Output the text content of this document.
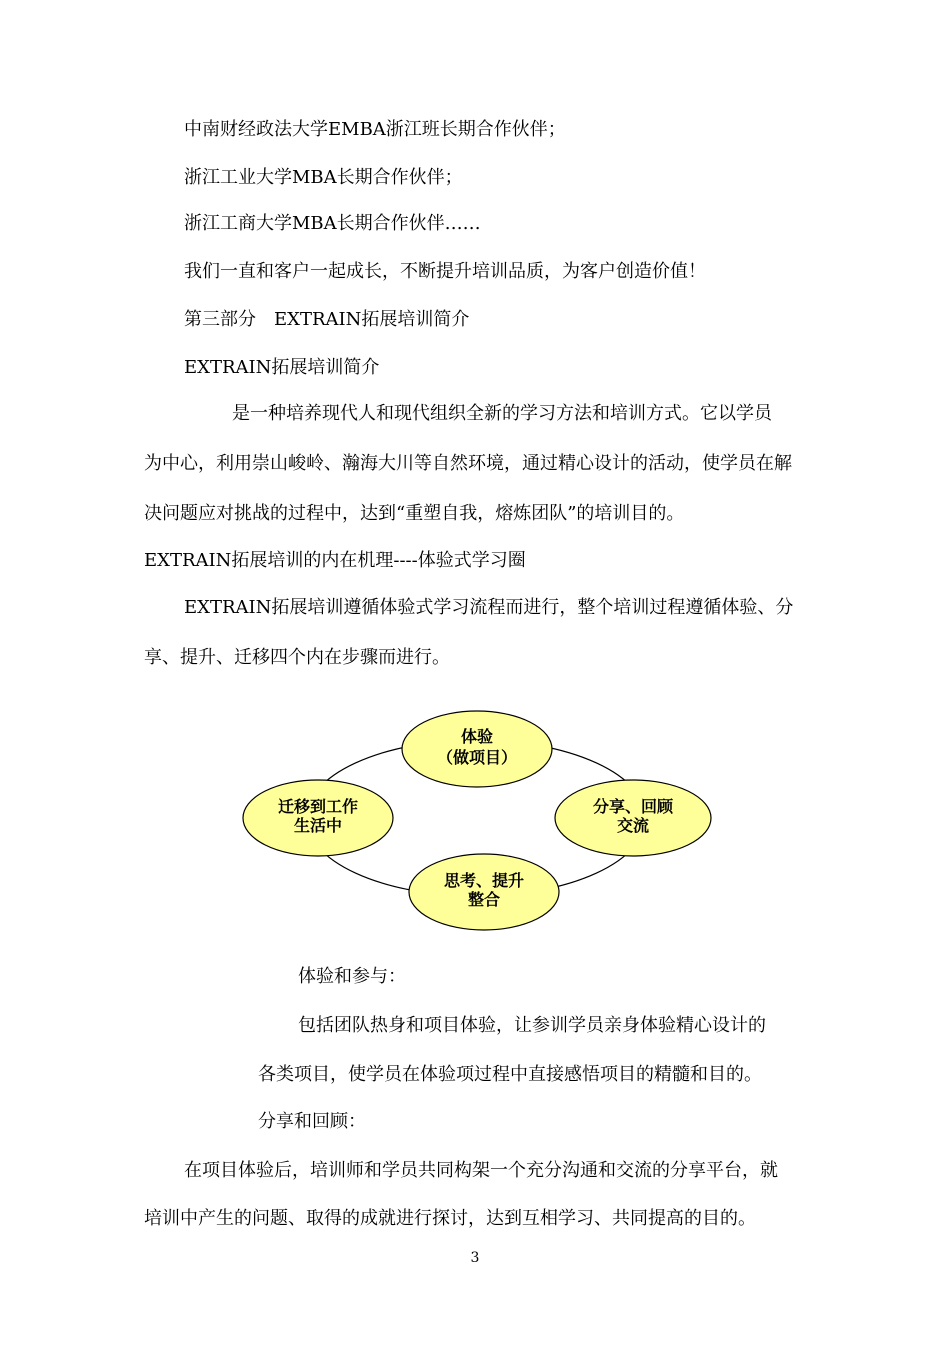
中南财经政法大学EMBA浙江班长期合作伙伴；
浙江工业大学MBA长期合作伙伴；
浙江工商大学MBA长期合作伙伴……
我们一直和客户一起成长，不断提升培训品质，为客户创造价值！
第三部分　EXTRAIN拓展培训简介
EXTRAIN拓展培训简介
是一种培养现代人和现代组织全新的学习方法和培训方式。它以学员
为中心，利用崇山峻岭、瀚海大川等自然环境，通过精心设计的活动，使学员在解
决问题应对挑战的过程中，达到“重塑自我，熔炼团队”的培训目的。
EXTRAIN拓展培训的内在机理----体验式学习圈
EXTRAIN拓展培训遵循体验式学习流程而进行，整个培训过程遵循体验、分
享、提升、迁移四个内在步骤而进行。
体验
（做项目）
分享、回顾
交流
思考、提升
整合
迁移到工作
生活中
体验和参与：
包括团队热身和项目体验，让参训学员亲身体验精心设计的
各类项目，使学员在体验项过程中直接感悟项目的精髓和目的。
分享和回顾：
在项目体验后，培训师和学员共同构架一个充分沟通和交流的分享平台，就
培训中产生的问题、取得的成就进行探讨，达到互相学习、共同提高的目的。
3
